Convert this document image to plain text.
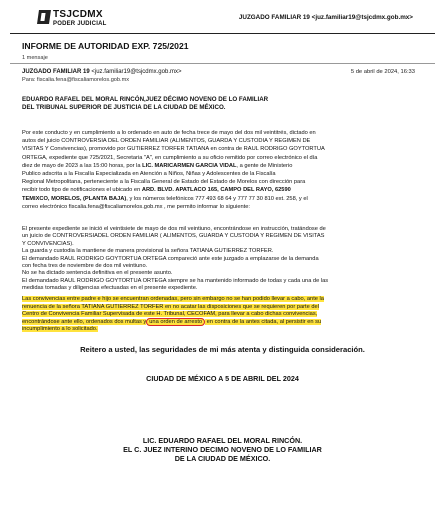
TSJCDMX
PODER JUDICIAL
JUZGADO FAMILIAR 19 <juz.familiar19@tsjcdmx.gob.mx>
INFORME DE AUTORIDAD EXP. 725/2021
1 mensaje
JUZGADO FAMILIAR 19 <juz.familiar19@tsjcdmx.gob.mx>	5 de abril de 2024, 16:33
Para: fiscalia.fena@fiscaliamorelos.gob.mx
EDUARDO RAFAEL DEL MORAL RINCÓN,JUEZ DÉCIMO NOVENO DE LO FAMILIAR
DEL TRIBUNAL SUPERIOR DE JUSTICIA DE LA CIUDAD DE MÉXICO.
Por este conducto y en cumplimiento a lo ordenado en auto de fecha trece de mayo del dos mil veintitrés, dictado en
autos del juicio CONTROVERSIA DEL ORDEN FAMILIAR (ALIMENTOS, GUARDA Y CUSTODIA Y REGIMEN DE
VISITAS Y Convivencias), promovido por GUTIERREZ TORFER TATIANA en contra de RAUL RODRIGO GOYTORTUA
ORTEGA, expediente que 725/2021, Secretaria "A", en cumplimiento a su oficio remitido por correo electrónico el día
diez de mayo de 2023 a las 15:00 horas, por la LIC. MARICARMEN GARCIA VIDAL, a gente de Ministerio
Publico adscrita a la Fiscalía Especializada en Atención a Niños, Niñas y Adolescentes de la Fiscalía
Regional Metropolitana, perteneciente a la Fiscalía General de Estado del Estado de Morelos con dirección para
recibir todo tipo de notificaciones el ubicado en ARD. BLVD. APATLACO 165, CAMPO DEL RAYO, 62590
TEMIXCO, MORELOS, (PLANTA BAJA), y los números telefónicos 777 493 68 64 y 777 77 30 810 ext. 258, y el
correo electrónico fiscalia.fena@fiscaliamorelos.gob.mx , me permito informar lo siguiente:
El presente expediente se inició el veintisiete de mayo de dos mil veintiuno, encontrándose en instrucción, tratándose de
un juicio de CONTROVERSIADEL ORDEN FAMILIAR ( ALIMENTOS, GUARDA Y CUSTODIA Y REGIMEN DE VISITAS
Y CONVIVENCIAS).
La guarda y custodia la mantiene de manera provisional la señora TATIANA GUTIERREZ TORFER.
El demandado RAUL RODRIGO GOYTORTUA ORTEGA compareció ante este juzgado a emplazarse de la demanda
con fecha tres de noviembre de dos mil veintiuno.
No se ha dictado sentencia definitiva en el presente asunto.
El demandado RAUL RODRIGO GOYTORTUA ORTEGA siempre se ha mantenido informado de todas y cada una de las
medidas tomadas y diligencias efectuadas en el presente expediente.
Las convivencias entre padre e hijo se encuentran ordenadas, pero sin embargo no se han podido llevar a cabo, ante la
renuencia de la señora TATIANA GUTIERREZ TORFER en no acatar las disposiciones que se requieren por parte del
Centro de Convivencia Familiar Supervisada de este H. Tribunal, CECOFAM, para llevar a cabo dichas convivencias,
encontrándose ante ello, ordenados dos multas y una orden de arresto en contra de la antes citada, al persistir en su
incumplimiento a lo solicitado.
Reitero a usted, las seguridades de mi más atenta y distinguida consideración.
CIUDAD DE MÉXICO A 5 DE ABRIL DEL 2024
LIC. EDUARDO RAFAEL DEL MORAL RINCÓN.
EL C. JUEZ INTERINO DECIMO NOVENO DE LO FAMILIAR
DE LA CIUDAD DE MÉXICO.
